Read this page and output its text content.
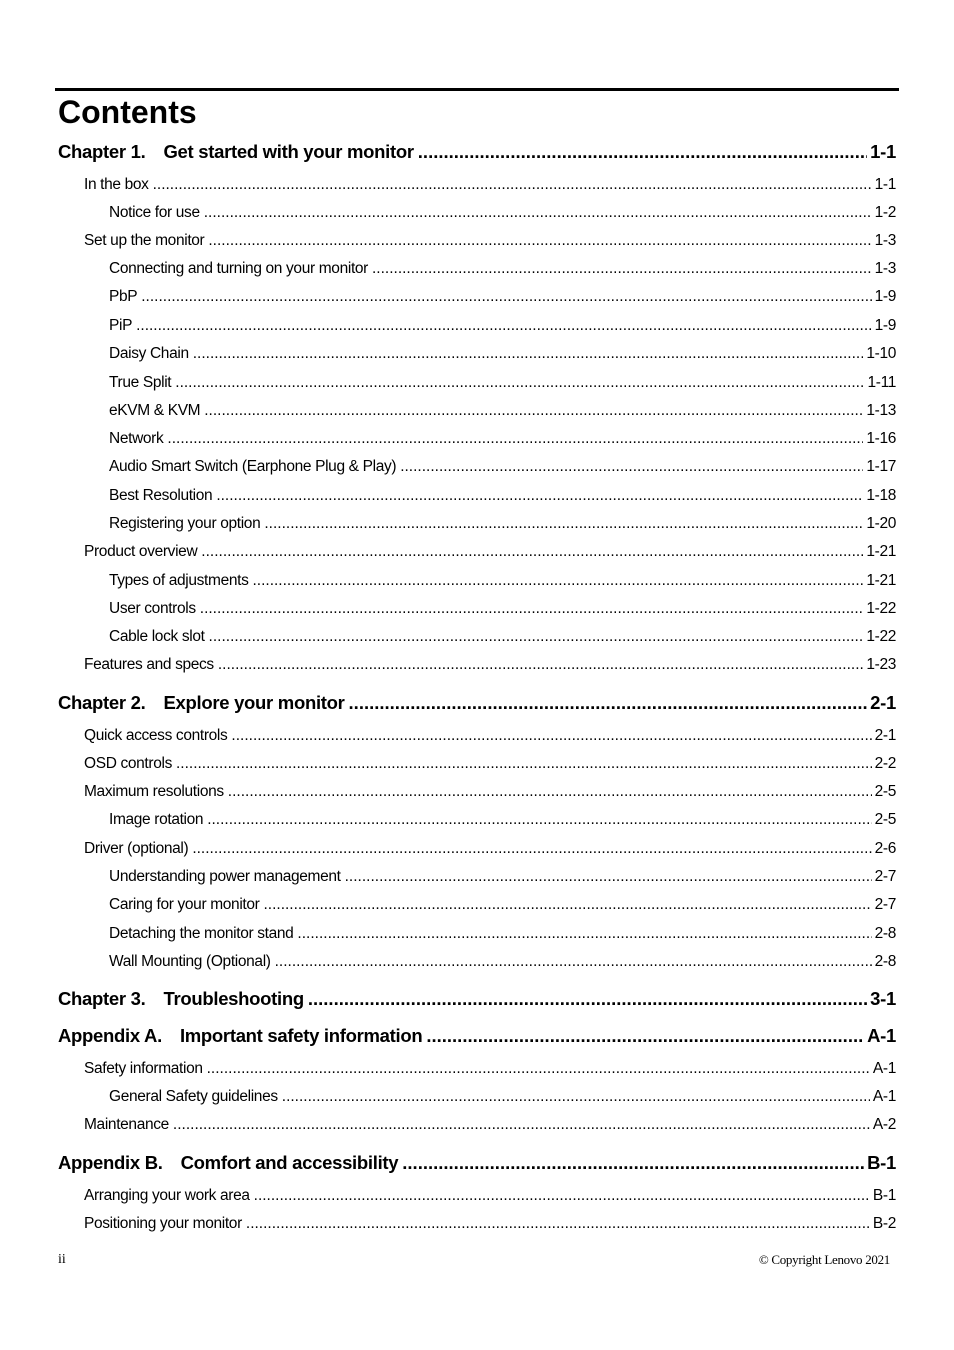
Contents
Chapter 1. Get started with your monitor .....	1-1
In the box .....	1-1
Notice for use .....	1-2
Set up the monitor .....	1-3
Connecting and turning on your monitor .....	1-3
PbP .....	1-9
PiP .....	1-9
Daisy Chain .....	1-10
True Split .....	1-11
eKVM & KVM .....	1-13
Network .....	1-16
Audio Smart Switch (Earphone Plug & Play) .....	1-17
Best Resolution .....	1-18
Registering your option .....	1-20
Product overview .....	1-21
Types of adjustments .....	1-21
User controls .....	1-22
Cable lock slot .....	1-22
Features and specs .....	1-23
Chapter 2. Explore your monitor .....	2-1
Quick access controls .....	2-1
OSD controls .....	2-2
Maximum resolutions .....	2-5
Image rotation .....	2-5
Driver (optional) .....	2-6
Understanding power management .....	2-7
Caring for your monitor .....	2-7
Detaching the monitor stand .....	2-8
Wall Mounting (Optional) .....	2-8
Chapter 3. Troubleshooting .....	3-1
Appendix A. Important safety information .....	A-1
Safety information .....	A-1
General Safety guidelines .....	A-1
Maintenance .....	A-2
Appendix B. Comfort and accessibility .....	B-1
Arranging your work area .....	B-1
Positioning your monitor .....	B-2
ii	© Copyright Lenovo 2021
